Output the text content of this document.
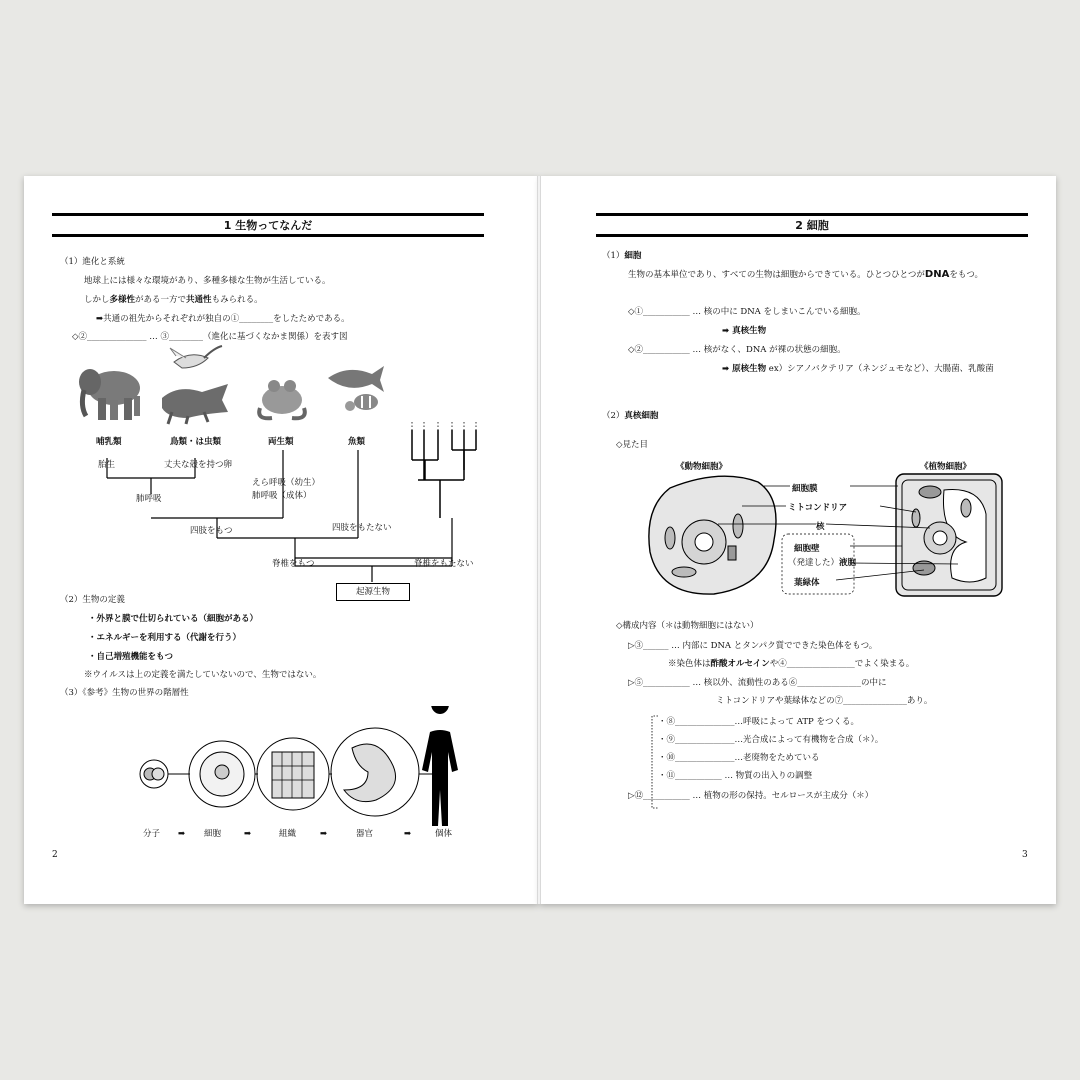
1 生物ってなんだ
（1）進化と系統
地球上には様々な環境があり、多種多様な生物が生活している。
しかし多様性がある一方で共通性もみられる。
➡共通の祖先からそれぞれが独自の①________をしたためである。
◇②______________ … ③________（進化に基づくなかま関係）を表す図
哺乳類	鳥類・は虫類	両生類	魚類
胎生	丈夫な殻を持つ卵
えら呼吸（幼生）
肺呼吸（成体）
肺呼吸
四肢をもつ	四肢をもたない
脊椎をもつ	脊椎をもたない
起源生物
（2）生物の定義
・外界と膜で仕切られている（細胞がある）
・エネルギーを利用する（代謝を行う）
・自己増殖機能をもつ
※ウイルスは上の定義を満たしていないので、生物ではない。
（3）《参考》生物の世界の階層性
分子 ➡ 細胞	➡	組織	➡	器官	➡	個体
2
2 細胞
（1）細胞
生物の基本単位であり、すべての生物は細胞からできている。ひとつひとつがDNAをもつ。
◇①___________ … 核の中に DNA をしまいこんでいる細胞。
➡ 真核生物
◇②___________ … 核がなく、DNA が裸の状態の細胞。
➡ 原核生物 ex）シアノバクテリア（ネンジュモなど）、大腸菌、乳酸菌
（2）真核細胞
◇見た目
《動物細胞》	《植物細胞》
細胞膜
ミトコンドリア
核
細胞壁
（発達した）液胞
葉緑体
◇構成内容（＊は動物細胞にはない）
▷③______ … 内部に DNA とタンパク質でできた染色体をもつ。
※染色体は酢酸オルセインや④________________でよく染まる。
▷⑤___________ … 核以外、流動性のある⑥_______________の中に
ミトコンドリアや葉緑体などの⑦_______________あり。
・⑧______________…呼吸によって ATP をつくる。
・⑨______________…光合成によって有機物を合成（＊）。
・⑩______________…老廃物をためている
・⑪___________ … 物質の出入りの調整
▷⑫___________ … 植物の形の保持。セルロースが主成分（＊）
3
